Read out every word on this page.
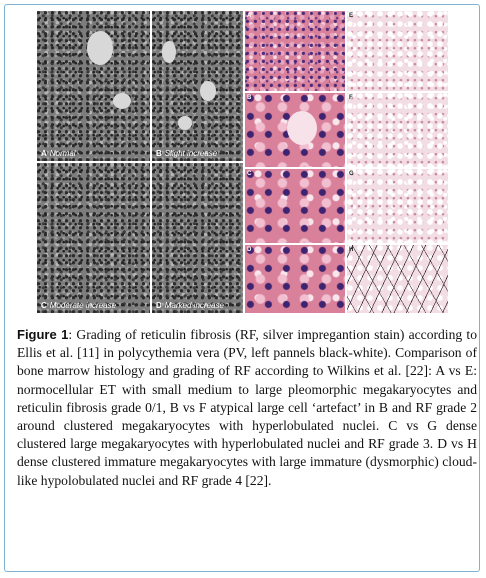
A Normal	B Slight increase
C Moderate increase	D Marked increase
A
B
C
D
E
F
G
H
Figure 1: Grading of reticulin fibrosis (RF, silver impregantion stain) according to Ellis et al. [11] in polycythemia vera (PV, left pannels black-white). Comparison of bone marrow histology and grading of RF according to Wilkins et al. [22]: A vs E: normocellular ET with small medium to large pleomorphic megakaryocytes and reticulin fibrosis grade 0/1, B vs F atypical large cell ‘artefact’ in B and RF grade 2 around clustered megakaryocytes with hyperlobulated nuclei. C vs G dense clustered large megakaryocytes with hyperlobulated nuclei and RF grade 3. D vs H dense clustered immature megakaryocytes with large immature (dysmorphic) cloud-like hypolobulated nuclei and RF grade 4 [22].
